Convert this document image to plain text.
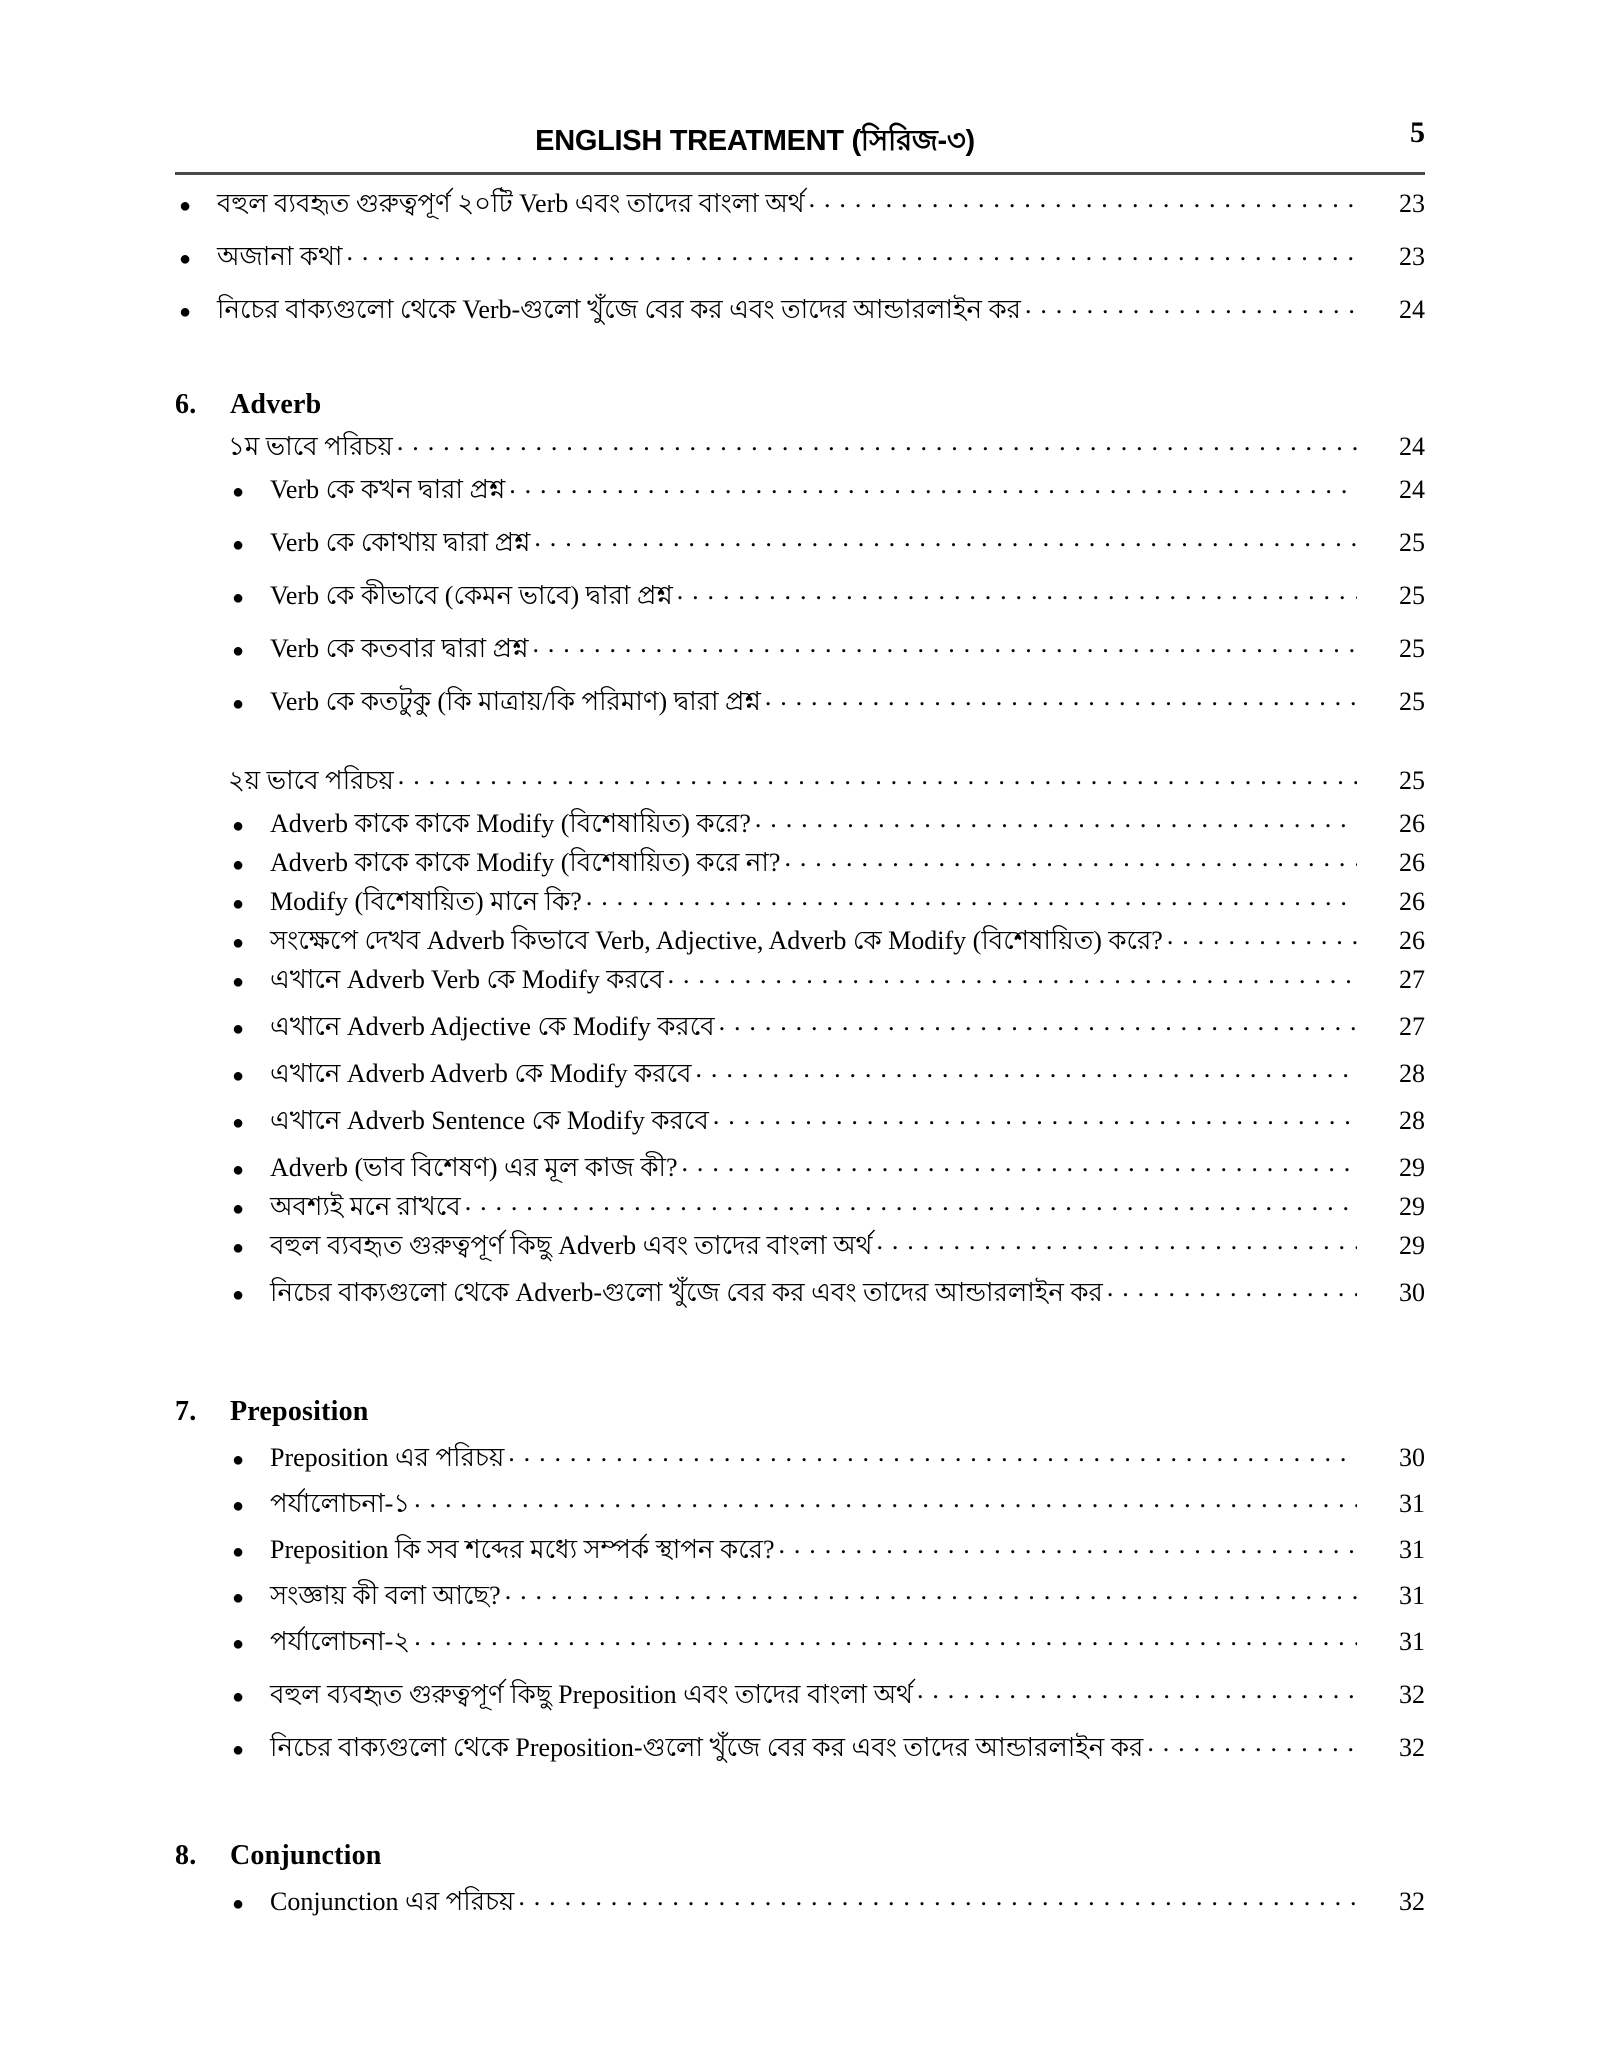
ENGLISH TREATMENT (সিরিজ-৩)	5
● বহুল ব্যবহৃত গুরুত্বপূর্ণ ২০টি Verb এবং তাদের বাংলা অর্থ . . .	23
● অজানা কথা . . .	23
● নিচের বাক্যগুলো থেকে Verb-গুলো খুঁজে বের কর এবং তাদের আন্ডারলাইন কর . . .	24
6.	Adverb
১ম ভাবে পরিচয় . . .	24
● Verb কে কখন দ্বারা প্রশ্ন . . .	24
● Verb কে কোথায় দ্বারা প্রশ্ন . . .	25
● Verb কে কীভাবে (কেমন ভাবে) দ্বারা প্রশ্ন . . .	25
● Verb কে কতবার দ্বারা প্রশ্ন . . .	25
● Verb কে কতটুকু (কি মাত্রায়/কি পরিমাণ) দ্বারা প্রশ্ন . . .	25
২য় ভাবে পরিচয় . . .	25
● Adverb কাকে কাকে Modify (বিশেষায়িত) করে? . . .	26
● Adverb কাকে কাকে Modify (বিশেষায়িত) করে না? . . .	26
● Modify (বিশেষায়িত) মানে কি? . . .	26
● সংক্ষেপে দেখব Adverb কিভাবে Verb, Adjective, Adverb কে Modify (বিশেষায়িত) করে? . . .	26
● এখানে Adverb Verb কে Modify করবে . . .	27
● এখানে Adverb Adjective কে Modify করবে . . .	27
● এখানে Adverb Adverb কে Modify করবে . . .	28
● এখানে Adverb Sentence কে Modify করবে . . .	28
● Adverb (ভাব বিশেষণ) এর মূল কাজ কী? . . .	29
● অবশ্যই মনে রাখবে . . .	29
● বহুল ব্যবহৃত গুরুত্বপূর্ণ কিছু Adverb এবং তাদের বাংলা অর্থ . . .	29
● নিচের বাক্যগুলো থেকে Adverb-গুলো খুঁজে বের কর এবং তাদের আন্ডারলাইন কর . . .	30
7.	Preposition
● Preposition এর পরিচয় . . .	30
● পর্যালোচনা-১ . . .	31
● Preposition কি সব শব্দের মধ্যে সম্পর্ক স্থাপন করে? . . .	31
● সংজ্ঞায় কী বলা আছে? . . .	31
● পর্যালোচনা-২ . . .	31
● বহুল ব্যবহৃত গুরুত্বপূর্ণ কিছু Preposition এবং তাদের বাংলা অর্থ . . .	32
● নিচের বাক্যগুলো থেকে Preposition-গুলো খুঁজে বের কর এবং তাদের আন্ডারলাইন কর . . .	32
8.	Conjunction
● Conjunction এর পরিচয় . . .	32
